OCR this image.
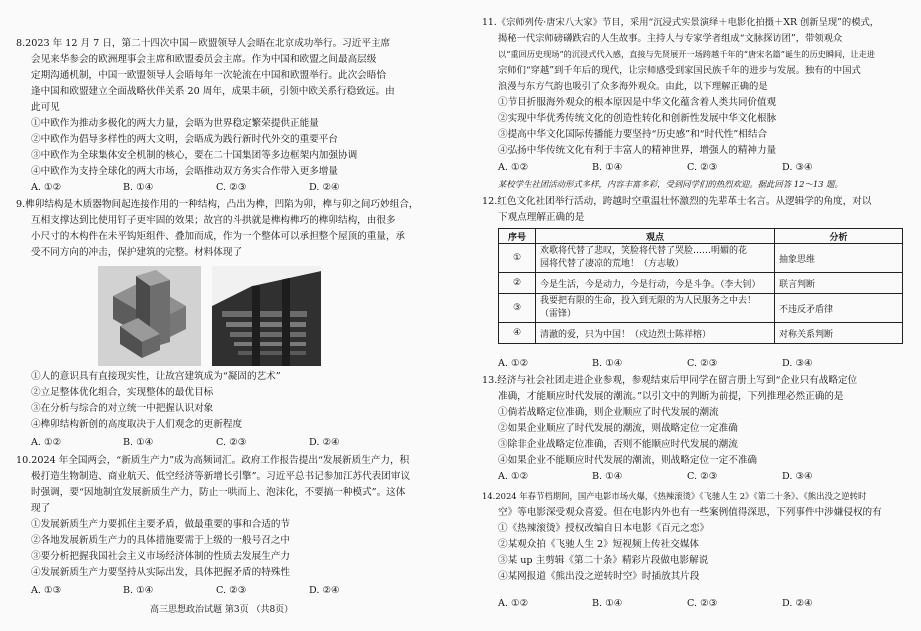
8.2023 年 12 月 7 日，第二十四次中国－欧盟领导人会晤在北京成功举行。习近平主席
会见来华参会的欧洲理事会主席和欧盟委员会主席。作为中国和欧盟之间最高层级
定期沟通机制，中国一欧盟领导人会晤每年一次轮流在中国和欧盟举行。此次会晤恰
逢中国和欧盟建立全面战略伙伴关系 20 周年，成果丰硕，引领中欧关系行稳致远。由
此可见
①中欧作为推动多极化的两大力量，会晤为世界稳定繁荣提供正能量
②中欧作为倡导多样性的两大文明，会晤成为践行新时代外交的重要平台
③中欧作为全球集体安全机制的核心，要在二十国集团等多边框架内加强协调
④中欧作为支持全球化的两大市场，会晤推动双方务实合作带入更多增量
A. ①②	B. ①④	C. ②③	D. ②④
9.榫卯结构是木质器物间起连接作用的一种结构，凸出为榫，凹陷为卯，榫与卯之间巧妙组合，
互相支撑达到比使用钉子更牢固的效果；故宫的斗拱就是榫构榫巧的榫卯结构，由很多
小尺寸的木构件在未平钩矩组件、叠加而成，作为一个整体可以承担整个屋顶的重量，承
受不同方向的冲击，保护建筑的完整。材料体现了
①人的意识具有直接现实性，让故宫建筑成为“凝固的艺术”
②立足整体优化组合，实现整体的最优目标
③在分析与综合的对立统一中把握认识对象
④榫卯结构新创的高度取决于人们观念的更新程度
A. ①②	B. ①④	C. ②③	D. ②④
10.2024 年全国两会，“新质生产力”成为高频词汇。政府工作报告提出“发展新质生产力，积
极打造生物制造、商业航天、低空经济等新增长引擎”。习近平总书记参加江苏代表团审议
时强调，要“因地制宜发展新质生产力，防止一哄而上、泡沫化，不要搞一种模式”。这体
现了
①发展新质生产力要抓住主要矛盾，做最重要的事和合适的节
②各地发展新质生产力的具体措施要需于上级的一般号召之中
③要分析把握我国社会主义市场经济体制的性质去发展生产力
④发展新质生产力要坚持从实际出发，具体把握矛盾的特殊性
A. ①③	B. ①④	C. ②③	D. ②④
高三思想政治试题 第3页 （共8页）
11.《宗师列传·唐宋八大家》节目，采用“沉浸式实景演绎＋电影化拍摄＋XR 创新呈现”的模式，
揭秘一代宗师磅礴跌宕的人生故事。主持人与专家学者组成“文脉探访团”，带领观众
以“重回历史现场”的沉浸式代入感，直接与先贤展开一场跨越千年的“唐宋名篇”诞生的历史瞬间，让走进
宗师们“穿越”到千年后的现代，让宗师感受到家国民族千年的进步与发展。独有的中国式
浪漫与东方气韵也吸引了众多海外观众。由此，以下理解正确的是
①节目折服海外观众的根本原因是中华文化蕴含着人类共同价值观
②实现中华优秀传统文化的创造性转化和创新性发展中华文化根脉
③提高中华文化国际传播能力要坚持“历史感”和“时代性”相结合
④弘扬中华传统文化有利于丰富人的精神世界，增强人的精神力量
A. ①②	B. ①④	C. ②③	D. ③④
某校学生社团活动形式多样，内容丰富多彩，受到同学们的热烈欢迎。据此回答 12～13 题。
12.红色文化社团举行活动，跨越时空重温壮怀激烈的先辈革士名言。从逻辑学的角度，对以
下观点理解正确的是
序号	观点	分析
①	欢歌将代替了悲叹，笑脸将代替了哭脸……明媚的花
园将代替了凄凉的荒地！（方志敏）	抽象思维
②	今是生活，今是动力，今是行动，今是斗争。（李大钊）	联言判断
③	我要把有限的生命，投入到无限的为人民服务之中去！
（雷锋）	不违反矛盾律
④	清澈的爱，只为中国！（戍边烈士陈祥榕）	对称关系判断
A. ①②	B. ①④	C. ②③	D. ③④
13.经济与社会社团走进企业参观，参观结束后甲同学在留言册上写到“企业只有战略定位
准确，才能顺应时代发展的潮流。”以引文中的判断为前提，下列推理必然正确的是
①倘若战略定位准确，则企业顺应了时代发展的潮流
②如果企业顺应了时代发展的潮流，则战略定位一定准确
③除非企业战略定位准确，否则不能顺应时代发展的潮流
④如果企业不能顺应时代发展的潮流，则战略定位一定不准确
A. ①②	B. ①④	C. ②③	D. ③④
14.2024 年春节档期间，国产电影市场火爆，《热辣滚烫》《飞驰人生 2》《第二十条》、《熊出没之逆转时
空》等电影深受观众喜爱。但在电影内外也有一些案例值得深思，下列事件中涉嫌侵权的有
①《热辣滚烫》授权改编自日本电影《百元之恋》
②某观众拍《飞驰人生 2》短视频上传社交媒体
③某 up 主剪辑《第二十条》精彩片段做电影解说
④某网报道《熊出没之逆转时空》时插放其片段
A. ①②	B. ①④	C. ②③	D. ②④
